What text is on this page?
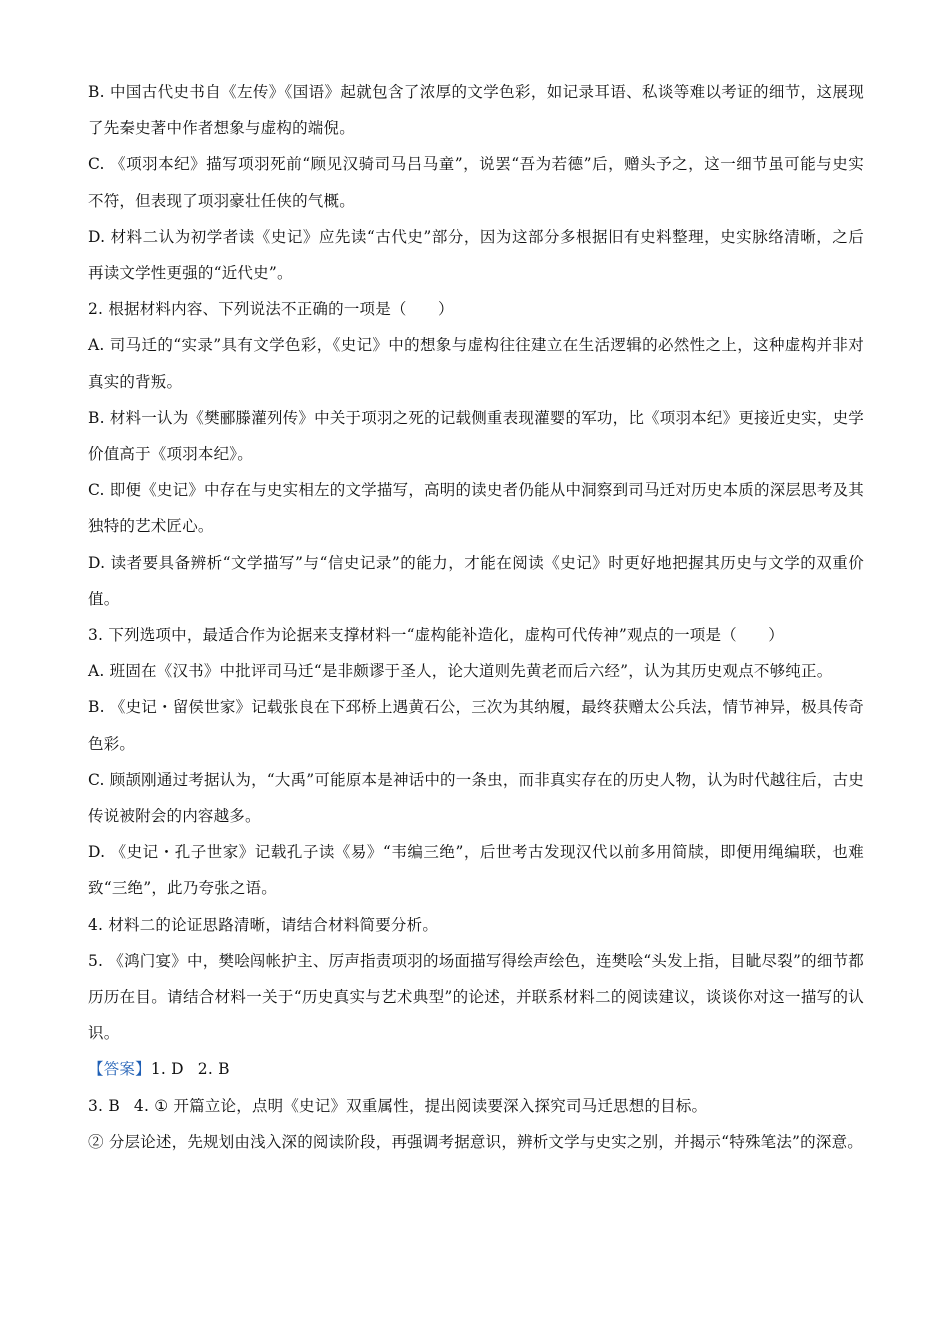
B. 中国古代史书自《左传》《国语》起就包含了浓厚的文学色彩，如记录耳语、私谈等难以考证的细节，这展现了先秦史著中作者想象与虚构的端倪。

C. 《项羽本纪》描写项羽死前“顾见汉骑司马吕马童”，说罢“吾为若德”后，赠头予之，这一细节虽可能与史实不符，但表现了项羽豪壮任侠的气概。

D. 材料二认为初学者读《史记》应先读“古代史”部分，因为这部分多根据旧有史料整理，史实脉络清晰，之后再读文学性更强的“近代史”。

2. 根据材料内容、下列说法不正确的一项是（　　）

A. 司马迁的“实录”具有文学色彩，《史记》中的想象与虚构往往建立在生活逻辑的必然性之上，这种虚构并非对真实的背叛。

B. 材料一认为《樊郦滕灌列传》中关于项羽之死的记载侧重表现灌婴的军功，比《项羽本纪》更接近史实，史学价值高于《项羽本纪》。

C. 即便《史记》中存在与史实相左的文学描写，高明的读史者仍能从中洞察到司马迁对历史本质的深层思考及其独特的艺术匠心。

D. 读者要具备辨析“文学描写”与“信史记录”的能力，才能在阅读《史记》时更好地把握其历史与文学的双重价值。

3. 下列选项中，最适合作为论据来支撑材料一“虚构能补造化，虚构可代传神”观点的一项是（　　）

A. 班固在《汉书》中批评司马迁“是非颇谬于圣人，论大道则先黄老而后六经”，认为其历史观点不够纯正。

B. 《史记・留侯世家》记载张良在下邳桥上遇黄石公，三次为其纳履，最终获赠太公兵法，情节神异，极具传奇色彩。

C. 顾颉刚通过考据认为，“大禹”可能原本是神话中的一条虫，而非真实存在的历史人物，认为时代越往后，古史传说被附会的内容越多。

D. 《史记・孔子世家》记载孔子读《易》“韦编三绝”，后世考古发现汉代以前多用简牍，即便用绳编联，也难致“三绝”，此乃夸张之语。

4. 材料二的论证思路清晰，请结合材料简要分析。

5. 《鸿门宴》中，樊哙闯帐护主、厉声指责项羽的场面描写得绘声绘色，连樊哙“头发上指，目眦尽裂”的细节都历历在目。请结合材料一关于“历史真实与艺术典型”的论述，并联系材料二的阅读建议，谈谈你对这一描写的认识。

【答案】1. D 2. B

3. B 4. ① 开篇立论，点明《史记》双重属性，提出阅读要深入探究司马迁思想的目标。

② 分层论述，先规划由浅入深的阅读阶段，再强调考据意识，辨析文学与史实之别，并揭示“特殊笔法”的深意。
